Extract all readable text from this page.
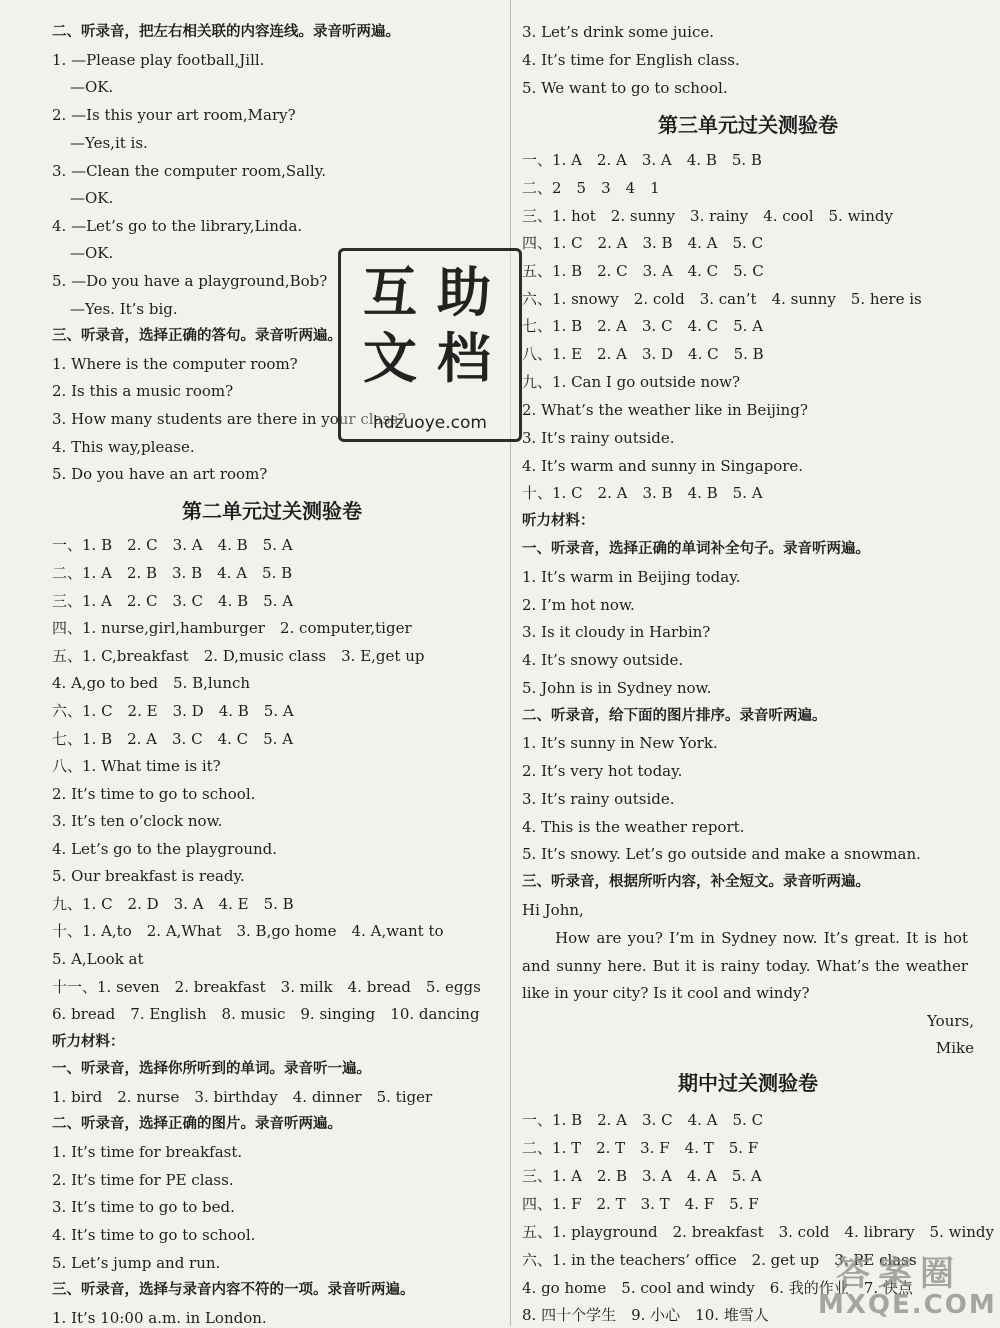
二、听录音，把左右相关联的内容连线。录音听两遍。
1. —Please play football,Jill.
—OK.
2. —Is this your art room,Mary?
—Yes,it is.
3. —Clean the computer room,Sally.
—OK.
4. —Let’s go to the library,Linda.
—OK.
5. —Do you have a playground,Bob?
—Yes. It’s big.
三、听录音，选择正确的答句。录音听两遍。
1. Where is the computer room?
2. Is this a music room?
3. How many students are there in your class?
4. This way,please.
5. Do you have an art room?
第二单元过关测验卷
一、1. B　2. C　3. A　4. B　5. A
二、1. A　2. B　3. B　4. A　5. B
三、1. A　2. C　3. C　4. B　5. A
四、1. nurse,girl,hamburger　2. computer,tiger
五、1. C,breakfast　2. D,music class　3. E,get up
4. A,go to bed　5. B,lunch
六、1. C　2. E　3. D　4. B　5. A
七、1. B　2. A　3. C　4. C　5. A
八、1. What time is it?
2. It’s time to go to school.
3. It’s ten o’clock now.
4. Let’s go to the playground.
5. Our breakfast is ready.
九、1. C　2. D　3. A　4. E　5. B
十、1. A,to　2. A,What　3. B,go home　4. A,want to
5. A,Look at
十一、1. seven　2. breakfast　3. milk　4. bread　5. eggs
6. bread　7. English　8. music　9. singing　10. dancing
听力材料：
一、听录音，选择你所听到的单词。录音听一遍。
1. bird　2. nurse　3. birthday　4. dinner　5. tiger
二、听录音，选择正确的图片。录音听两遍。
1. It’s time for breakfast.
2. It’s time for PE class.
3. It’s time to go to bed.
4. It’s time to go to school.
5. Let’s jump and run.
三、听录音，选择与录音内容不符的一项。录音听两遍。
1. It’s 10:00 a.m. in London.
3. Let’s drink some juice.
4. It’s time for English class.
5. We want to go to school.
第三单元过关测验卷
一、1. A　2. A　3. A　4. B　5. B
二、2　5　3　4　1
三、1. hot　2. sunny　3. rainy　4. cool　5. windy
四、1. C　2. A　3. B　4. A　5. C
五、1. B　2. C　3. A　4. C　5. C
六、1. snowy　2. cold　3. can’t　4. sunny　5. here is
七、1. B　2. A　3. C　4. C　5. A
八、1. E　2. A　3. D　4. C　5. B
九、1. Can I go outside now?
2. What’s the weather like in Beijing?
3. It’s rainy outside.
4. It’s warm and sunny in Singapore.
十、1. C　2. A　3. B　4. B　5. A
听力材料：
一、听录音，选择正确的单词补全句子。录音听两遍。
1. It’s warm in Beijing today.
2. I’m hot now.
3. Is it cloudy in Harbin?
4. It’s snowy outside.
5. John is in Sydney now.
二、听录音，给下面的图片排序。录音听两遍。
1. It’s sunny in New York.
2. It’s very hot today.
3. It’s rainy outside.
4. This is the weather report.
5. It’s snowy. Let’s go outside and make a snowman.
三、听录音，根据所听内容，补全短文。录音听两遍。
Hi John,
　　How are you? I’m in Sydney now. It’s great. It is hot
and sunny here. But it is rainy today. What’s the weather
like in your city? Is it cool and windy?
Yours,
Mike
期中过关测验卷
一、1. B　2. A　3. C　4. A　5. C
二、1. T　2. T　3. F　4. T　5. F
三、1. A　2. B　3. A　4. A　5. A
四、1. F　2. T　3. T　4. F　5. F
五、1. playground　2. breakfast　3. cold　4. library　5. windy
六、1. in the teachers’ office　2. get up　3. PE class
4. go home　5. cool and windy　6. 我的作业　7. 快点
8. 四十个学生　9. 小心　10. 堆雪人
互 助
文 档
hdzuoye.com
答案圈
MXQE.COM
